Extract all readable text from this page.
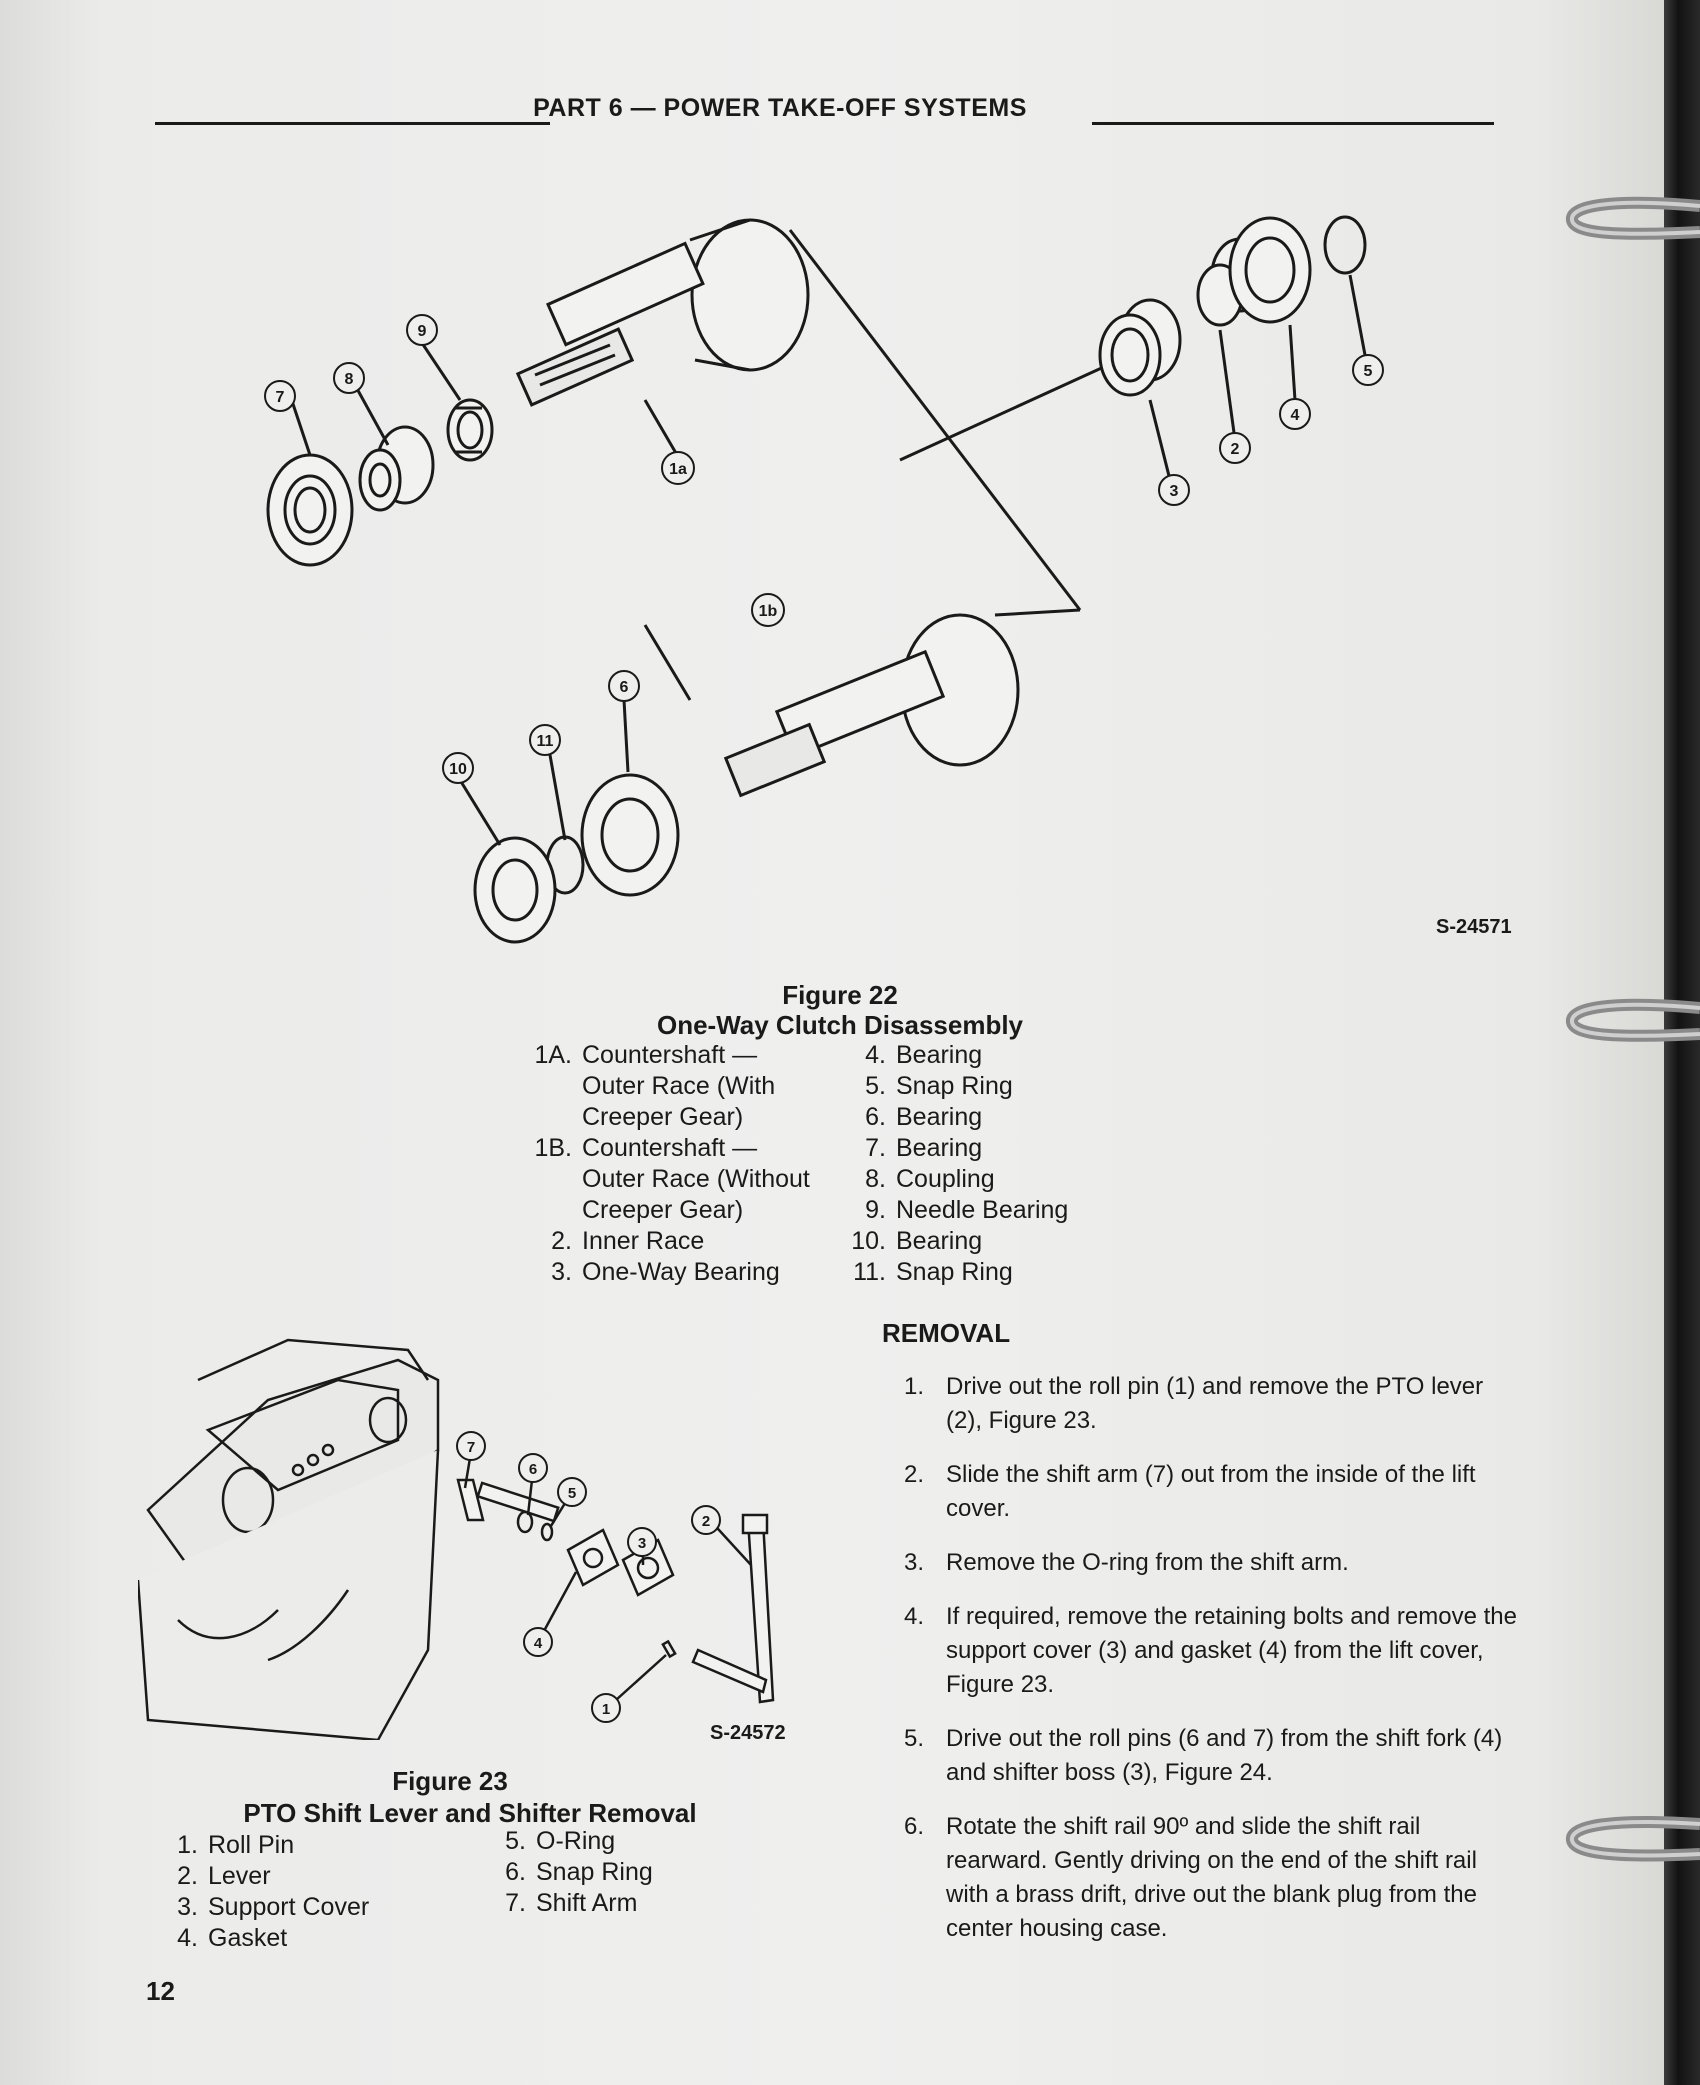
PART 6 — POWER TAKE-OFF SYSTEMS
7
8
9
1a
3
2
4
5
1b
6
11
10
S-24571
Figure 22
One-Way Clutch Disassembly
1A. Countershaft —
Outer Race (With
Creeper Gear)
1B. Countershaft —
Outer Race (Without
Creeper Gear)
2. Inner Race
3. One-Way Bearing
4. Bearing
5. Snap Ring
6. Bearing
7. Bearing
8. Coupling
9. Needle Bearing
10. Bearing
11. Snap Ring
7
6
5
3
2
4
1
S-24572
Figure 23
PTO Shift Lever and Shifter Removal
1. Roll Pin
2. Lever
3. Support Cover
4. Gasket
5. O-Ring
6. Snap Ring
7. Shift Arm
REMOVAL
1. Drive out the roll pin (1) and remove the PTO lever (2), Figure 23.
2. Slide the shift arm (7) out from the inside of the lift cover.
3. Remove the O-ring from the shift arm.
4. If required, remove the retaining bolts and remove the support cover (3) and gasket (4) from the lift cover, Figure 23.
5. Drive out the roll pins (6 and 7) from the shift fork (4) and shifter boss (3), Figure 24.
6. Rotate the shift rail 90º and slide the shift rail rearward. Gently driving on the end of the shift rail with a brass drift, drive out the blank plug from the center housing case.
12
